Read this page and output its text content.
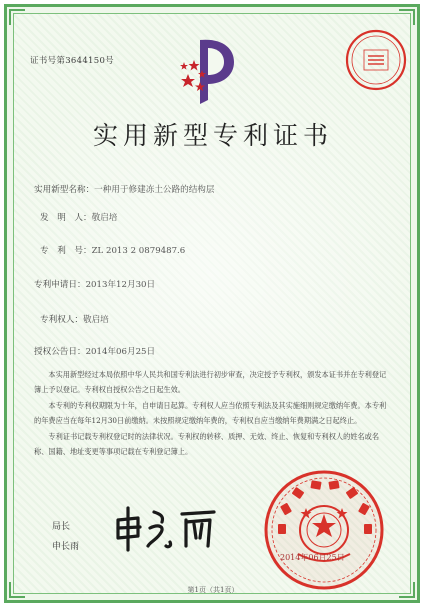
证书号第3644150号
实用新型专利证书
实用新型名称：一种用于修建冻土公路的结构层
发　明　人：敬启培
专　利　号：ZL 2013 2 0879487.6
专利申请日：2013年12月30日
专利权人：敬启培
授权公告日：2014年06月25日

本实用新型经过本局依照中华人民共和国专利法进行初步审查，决定授予专利权，颁发本证书并在专利登记簿上予以登记。专利权自授权公告之日起生效。

本专利的专利权期限为十年，自申请日起算。专利权人应当依照专利法及其实施细则规定缴纳年费。本专利的年费应当在每年12月30日前缴纳。未按照规定缴纳年费的，专利权自应当缴纳年费期满之日起终止。

专利证书记载专利权登记时的法律状况。专利权的转移、质押、无效、终止、恢复和专利权人的姓名或名称、国籍、地址变更等事项记载在专利登记簿上。

局长
申长雨
2014年06月25日
第1页（共1页）
